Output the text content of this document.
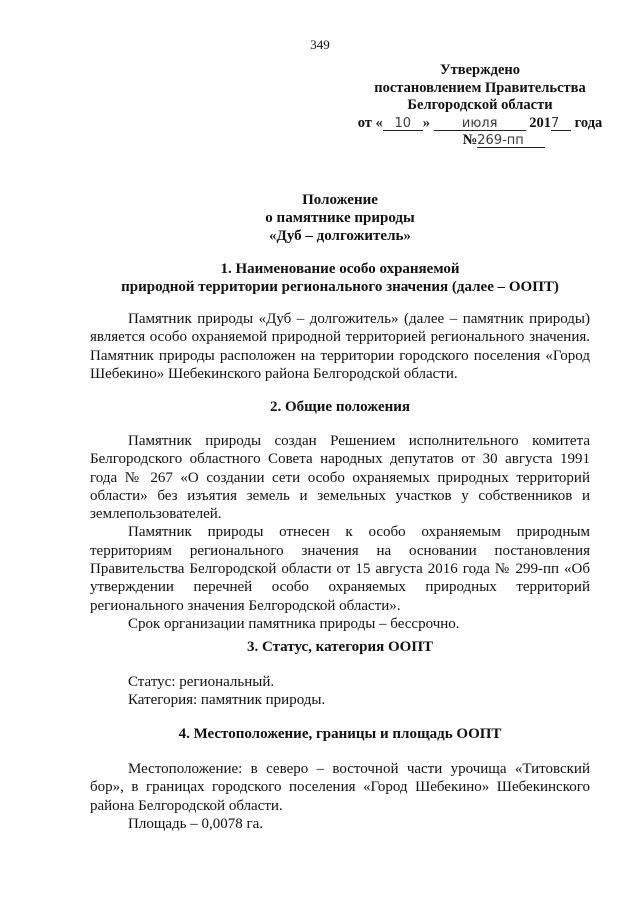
349
Утверждено
постановлением Правительства
Белгородской области
от « 10 » июля 2017 года
№269-пп
Положение
о памятнике природы
«Дуб – долгожитель»
1. Наименование особо охраняемой
природной территории регионального значения (далее – ООПТ)

Памятник природы «Дуб – долгожитель» (далее – памятник природы) является особо охраняемой природной территорией регионального значения. Памятник природы расположен на территории городского поселения «Город Шебекино» Шебекинского района Белгородской области.

2. Общие положения

Памятник природы создан Решением исполнительного комитета Белгородского областного Совета народных депутатов от 30 августа 1991 года № 267 «О создании сети особо охраняемых природных территорий области» без изъятия земель и земельных участков у собственников и землепользователей.

Памятник природы отнесен к особо охраняемым природным территориям регионального значения на основании постановления Правительства Белгородской области от 15 августа 2016 года № 299-пп «Об утверждении перечней особо охраняемых природных территорий регионального значения Белгородской области».

Срок организации памятника природы – бессрочно.

3. Статус, категория ООПТ

Статус: региональный.

Категория: памятник природы.

4. Местоположение, границы и площадь ООПТ

Местоположение: в северо – восточной части урочища «Титовский бор», в границах городского поселения «Город Шебекино» Шебекинского района Белгородской области.

Площадь – 0,0078 га.
